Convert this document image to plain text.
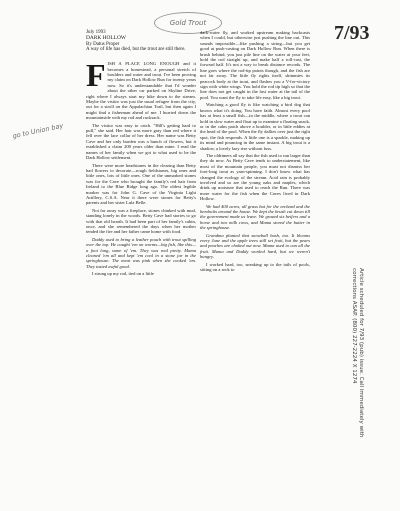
Gold Trout	7/93
go to Union bay
Article scheduled for 7/93 (pub) issue. Call immediately with corrections ASAP. (800) 227-2224 X 1274
July 1993
DARK HOLLOW
By Datus Proper
A way of life has died, but the trout are still there.

FISH A PLACE LONG ENOUGH and it becomes a homestead, a personal stretch of boulders and water and trout. I've been proving my claim on Dark Hollow Run for twenty years now. So it's understandable that I'd wonder about the other car parked on Skyline Drive, right where I always start my hike down to the stream. Maybe the visitor was just the usual refugee from the city, out for a stroll on the Appalachian Trail, but then again I might find a fisherman ahead of me. I hurried down the mountainside with my rod and rucksack.

The visitor was easy to catch. "Hill's getting hard to pull," she said. Her hair was more gray than red where it fell over the lace collar of her dress. Her name was Betty Cave and her only burden was a bunch of flowers, but it established a claim 200 years older than mine. I read the names of her family when we got to what used to be the Dark Hollow settlement.

There were more headstones in the clearing than Betty had flowers to decorate—rough fieldstones, big ones and little ones, lots of little ones. One of the unmarked stones was for the Cave who brought the family's red hair from Ireland to the Blue Ridge long ago. The oldest legible marker was for John G. Cave of the Virginia Light Artillery, C.S.A. Near it there were stones for Betty's parents and her sister Lula Belle.

Not far away was a fireplace, stones chinked with mud, standing lonely in the woods. Betty Cave had stories to go with that old hearth. It had been part of her family's cabin, once, and she remembered the days when her mother tended the fire and her father came home with food.

Daddy used to bring a leather pouch with trout spilling over the top. He caught 'em on worms—big fish, like this—a foot long, some of 'em. They was real pretty. Mama cleaned 'em all and kept 'em cool in a stone jar in the springhouse. The meat was pink when she cooked 'em. They tasted awful good.

I strung up my rod, tied on a little

dark-water fly, and worked upstream making backcasts when I could, but otherwise just pushing the line out. This sounds impossible—like pushing a string—but you get good at push-casting on Dark Hollow Run. When there is brush behind, you just pile line on the water at your feet, hold the rod straight up, and make half a roll-cast, the forward half. It's not a way to break distance records. The line goes where the rod-tip points though, and the fish are not far away. The little fly rights itself, shimmies its peacock body at the trout, and flashes you a V-for-victory sign with white wings. You hold the rod tip high so that the line does not get caught in the fast water at the tail of the pool. You want the fly to take life easy, like a big trout.

Watching a good fly is like watching a bird dog that knows what it's doing. You have faith. Almost every pool has at least a small fish—in the middle, where a trout can hold in slow water and float up to examine a floating snack, or in the calm patch above a boulder, or in little eddies at the head of the pool. When the fly dallies over just the right spot, the fish responds. A little one is a sparkle, making up its mind and pouncing in the same instant. A big trout is a shadow, a lovely lazy rise without fuss.

The oldtimers all say that the fish used to run larger than they do now. As Betty Cave tends to understatement, like most of the mountain people, you must not dismiss her foot-long trout as yarn-spinning. I don't know what has changed the ecology of the stream. Acid rain is probably involved and so are the young oaks and maples, which drink up moisture that used to reach the Run. There was more water for the fish when the Caves lived in Dark Hollow.

We had 400 acres, all grass but for the orchard and the hemlocks around the house. We kept the brush cut down till the government made us leave. We grazed six heifers and a horse and two milk cows, and Mama stored the butter in the springhouse.

Grandma planted that snowball bush, too. It blooms every June and the apple trees still set fruit, but the pears and peaches are choked out now. Mama used to can all the fruit. Mama and Daddy worked hard, but we weren't hungry.

I worked hard, too, sneaking up to the tails of pools, sitting on a rock to
